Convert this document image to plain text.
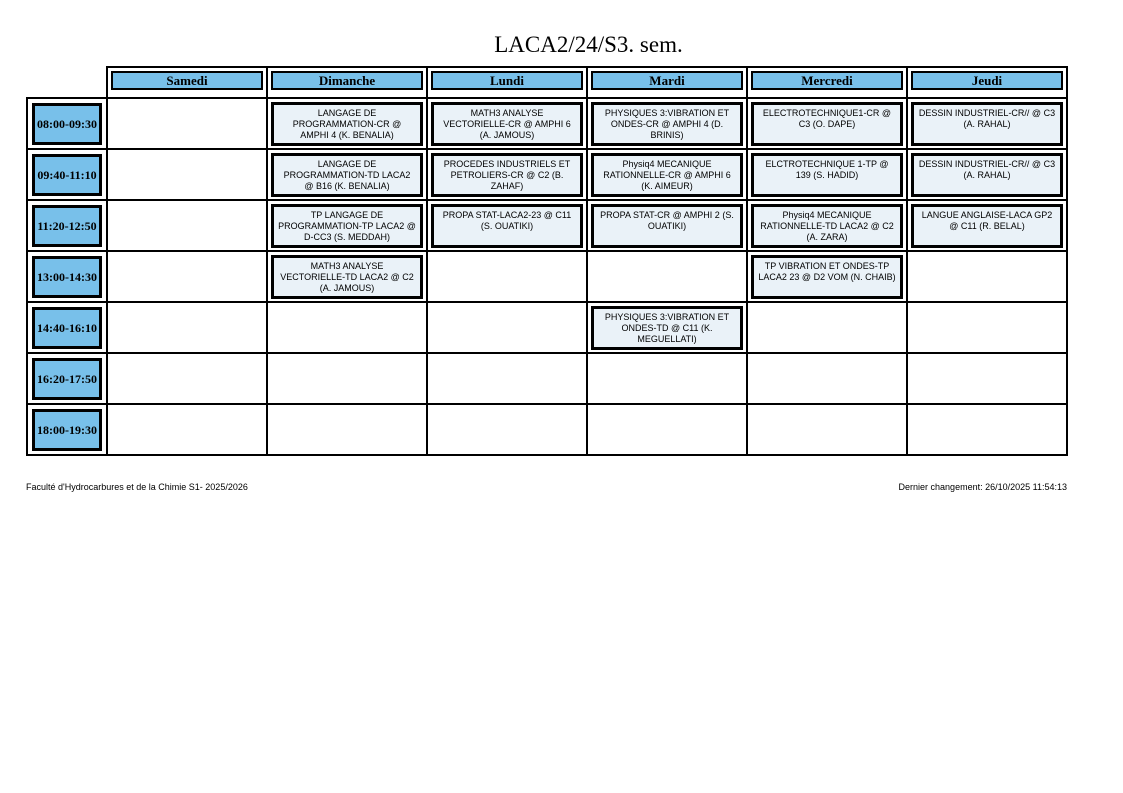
LACA2/24/S3. sem.

	Samedi	Dimanche	Lundi	Mardi	Mercredi	Jeudi

08:00-09:30		LANGAGE DE PROGRAMMATION-CR @ AMPHI 4 (K. BENALIA)	MATH3 ANALYSE VECTORIELLE-CR @ AMPHI 6 (A. JAMOUS)	PHYSIQUES 3:VIBRATION ET ONDES-CR @ AMPHI 4 (D. BRINIS)	ELECTROTECHNIQUE1-CR @ C3 (O. DAPE)	DESSIN INDUSTRIEL-CR// @ C3 (A. RAHAL)

09:40-11:10		LANGAGE DE PROGRAMMATION-TD LACA2 @ B16 (K. BENALIA)	PROCEDES INDUSTRIELS ET PETROLIERS-CR @ C2 (B. ZAHAF)	Physiq4 MECANIQUE RATIONNELLE-CR @ AMPHI 6 (K. AIMEUR)	ELCTROTECHNIQUE 1-TP @ 139 (S. HADID)	DESSIN INDUSTRIEL-CR// @ C3 (A. RAHAL)

11:20-12:50		TP LANGAGE DE PROGRAMMATION-TP LACA2 @ D-CC3 (S. MEDDAH)	PROPA STAT-LACA2-23 @ C11 (S. OUATIKI)	PROPA STAT-CR @ AMPHI 2 (S. OUATIKI)	Physiq4 MECANIQUE RATIONNELLE-TD LACA2 @ C2 (A. ZARA)	LANGUE ANGLAISE-LACA GP2 @ C11 (R. BELAL)

13:00-14:30		MATH3 ANALYSE VECTORIELLE-TD LACA2 @ C2 (A. JAMOUS)			TP VIBRATION ET ONDES-TP LACA2 23 @ D2 VOM (N. CHAIB)	

14:40-16:10				PHYSIQUES 3:VIBRATION ET ONDES-TD @ C11 (K. MEGUELLATI)		

16:20-17:50						

18:00-19:30						

Faculté d'Hydrocarbures et de la Chimie S1- 2025/2026	Dernier changement: 26/10/2025 11:54:13
